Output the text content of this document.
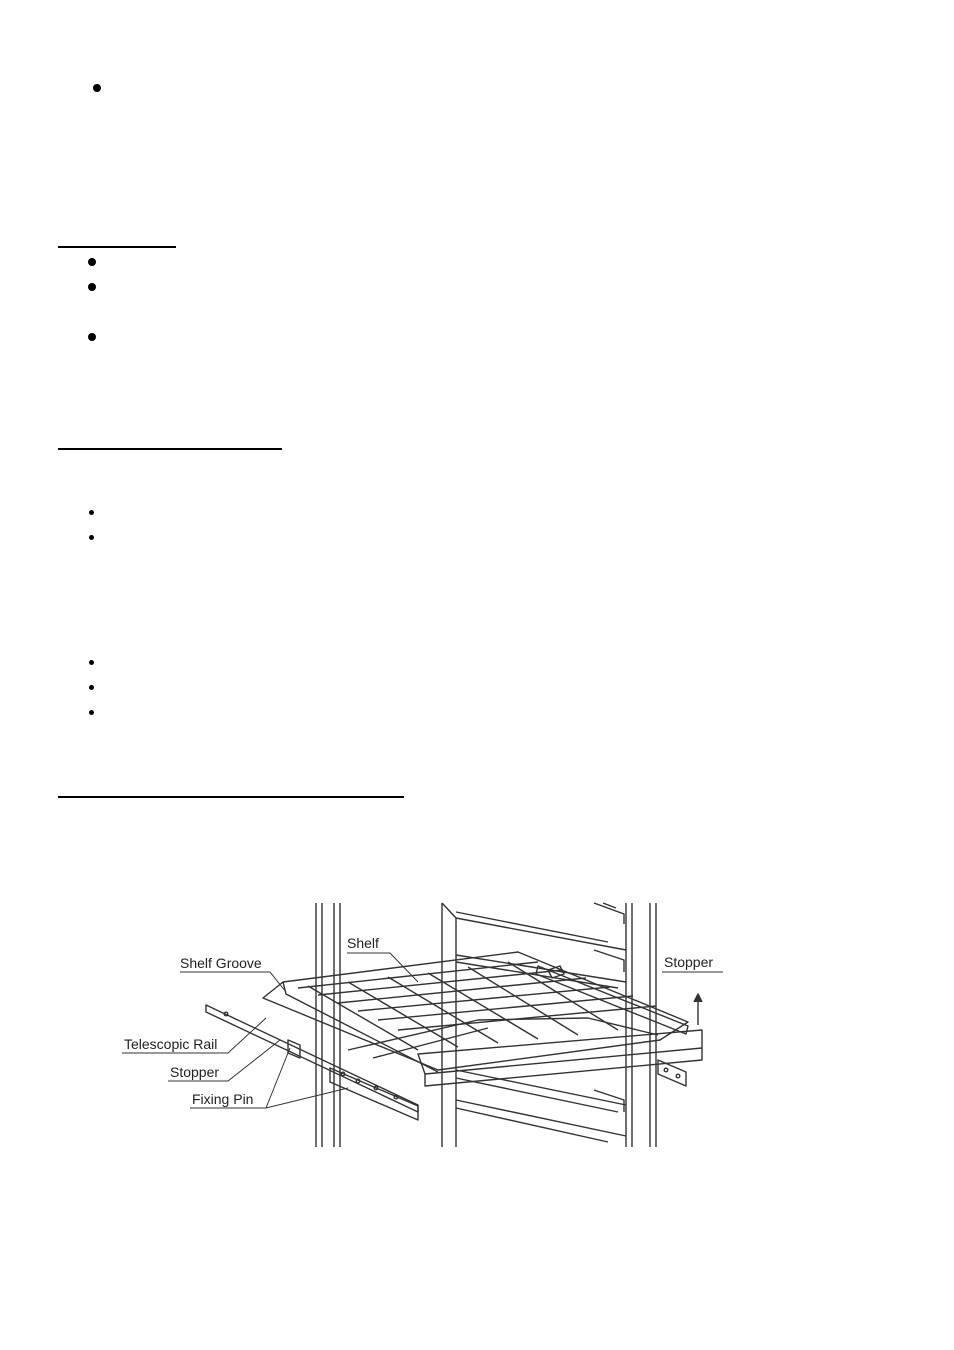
Shelf
Shelf Groove	Stopper
Telescopic Rail
Stopper
Fixing Pin
